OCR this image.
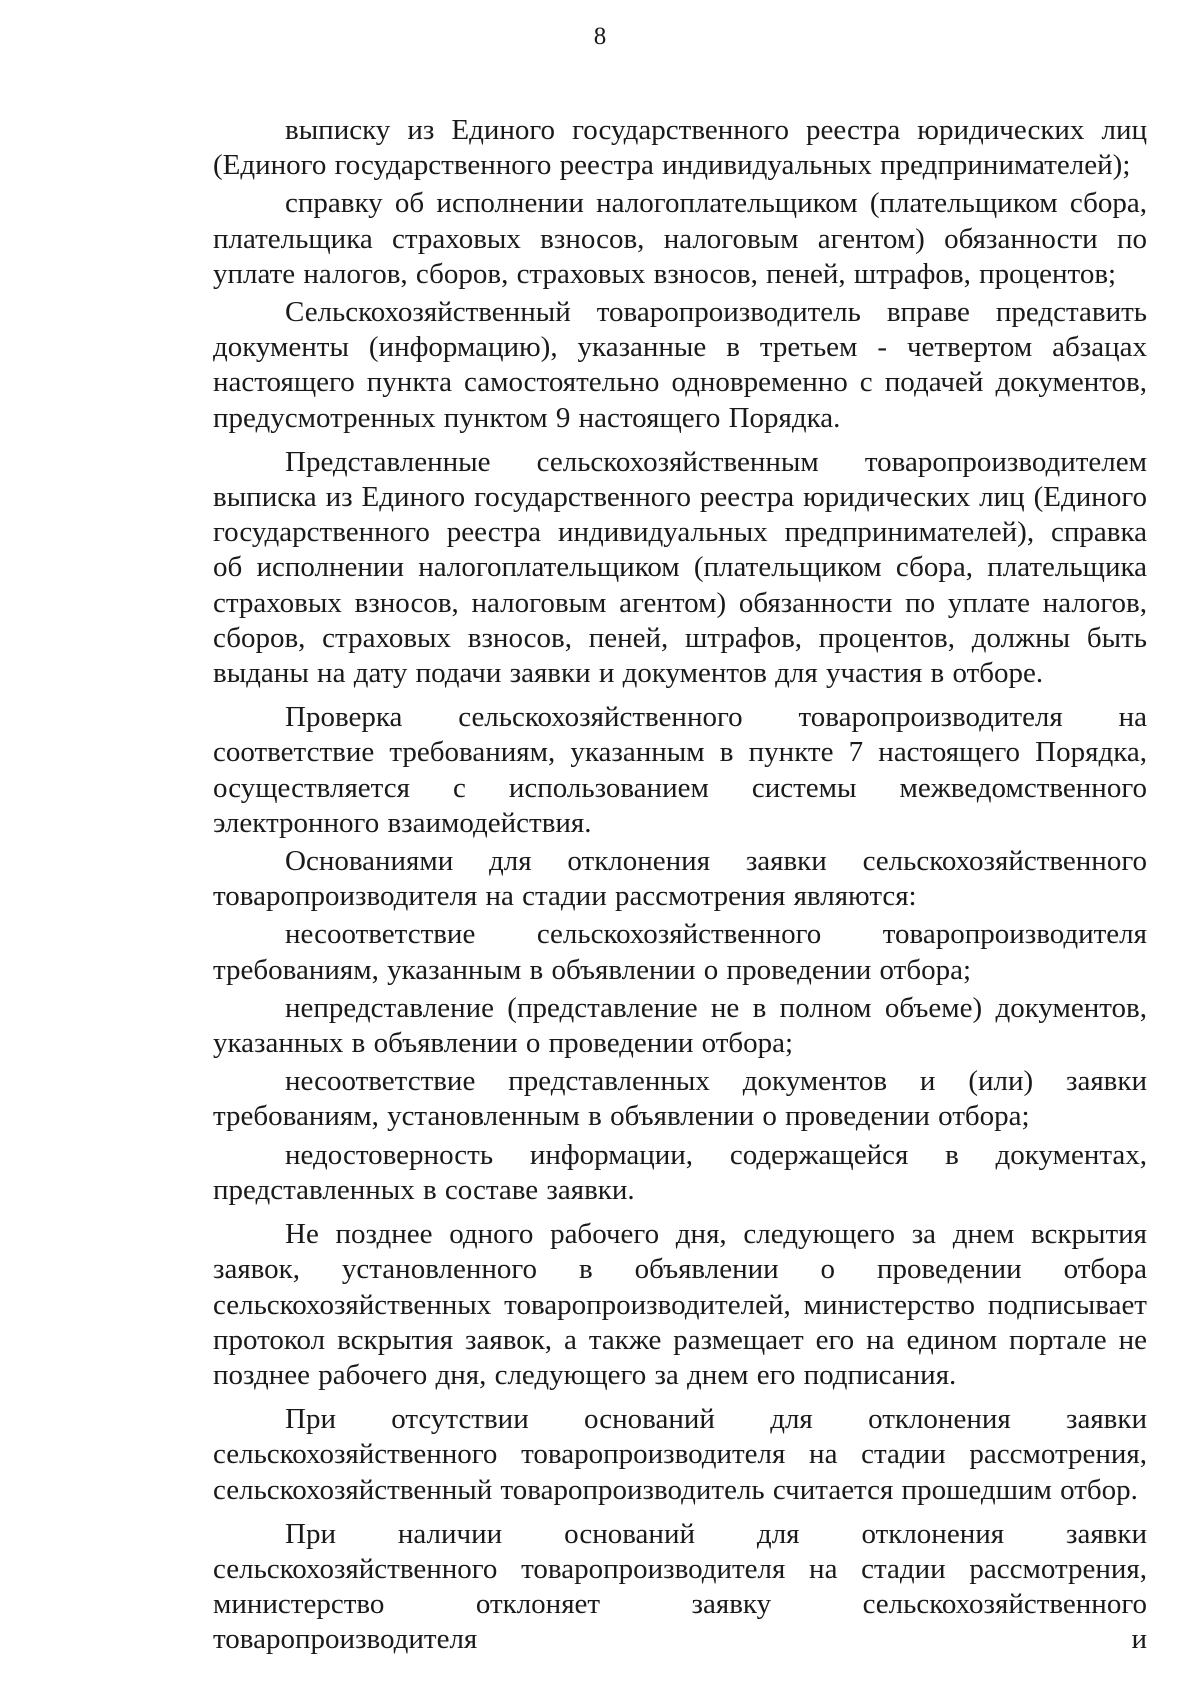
8

выписку из Единого государственного реестра юридических лиц (Единого государственного реестра индивидуальных предпринимателей);

справку об исполнении налогоплательщиком (плательщиком сбора, плательщика страховых взносов, налоговым агентом) обязанности по уплате налогов, сборов, страховых взносов, пеней, штрафов, процентов;

Сельскохозяйственный товаропроизводитель вправе представить документы (информацию), указанные в третьем - четвертом абзацах настоящего пункта самостоятельно одновременно с подачей документов, предусмотренных пунктом 9 настоящего Порядка.

Представленные сельскохозяйственным товаропроизводителем выписка из Единого государственного реестра юридических лиц (Единого государственного реестра индивидуальных предпринимателей), справка об исполнении налогоплательщиком (плательщиком сбора, плательщика страховых взносов, налоговым агентом) обязанности по уплате налогов, сборов, страховых взносов, пеней, штрафов, процентов, должны быть выданы на дату подачи заявки и документов для участия в отборе.

Проверка сельскохозяйственного товаропроизводителя на соответствие требованиям, указанным в пункте 7 настоящего Порядка, осуществляется с использованием системы межведомственного электронного взаимодействия.

Основаниями для отклонения заявки сельскохозяйственного товаропроизводителя на стадии рассмотрения являются:

несоответствие сельскохозяйственного товаропроизводителя требованиям, указанным в объявлении о проведении отбора;

непредставление (представление не в полном объеме) документов, указанных в объявлении о проведении отбора;

несоответствие представленных документов и (или) заявки требованиям, установленным в объявлении о проведении отбора;

недостоверность информации, содержащейся в документах, представленных в составе заявки.

Не позднее одного рабочего дня, следующего за днем вскрытия заявок, установленного в объявлении о проведении отбора сельскохозяйственных товаропроизводителей, министерство подписывает протокол вскрытия заявок, а также размещает его на едином портале не позднее рабочего дня, следующего за днем его подписания.

При отсутствии оснований для отклонения заявки сельскохозяйственного товаропроизводителя на стадии рассмотрения, сельскохозяйственный товаропроизводитель считается прошедшим отбор.

При наличии оснований для отклонения заявки сельскохозяйственного товаропроизводителя на стадии рассмотрения, министерство отклоняет заявку сельскохозяйственного товаропроизводителя и
